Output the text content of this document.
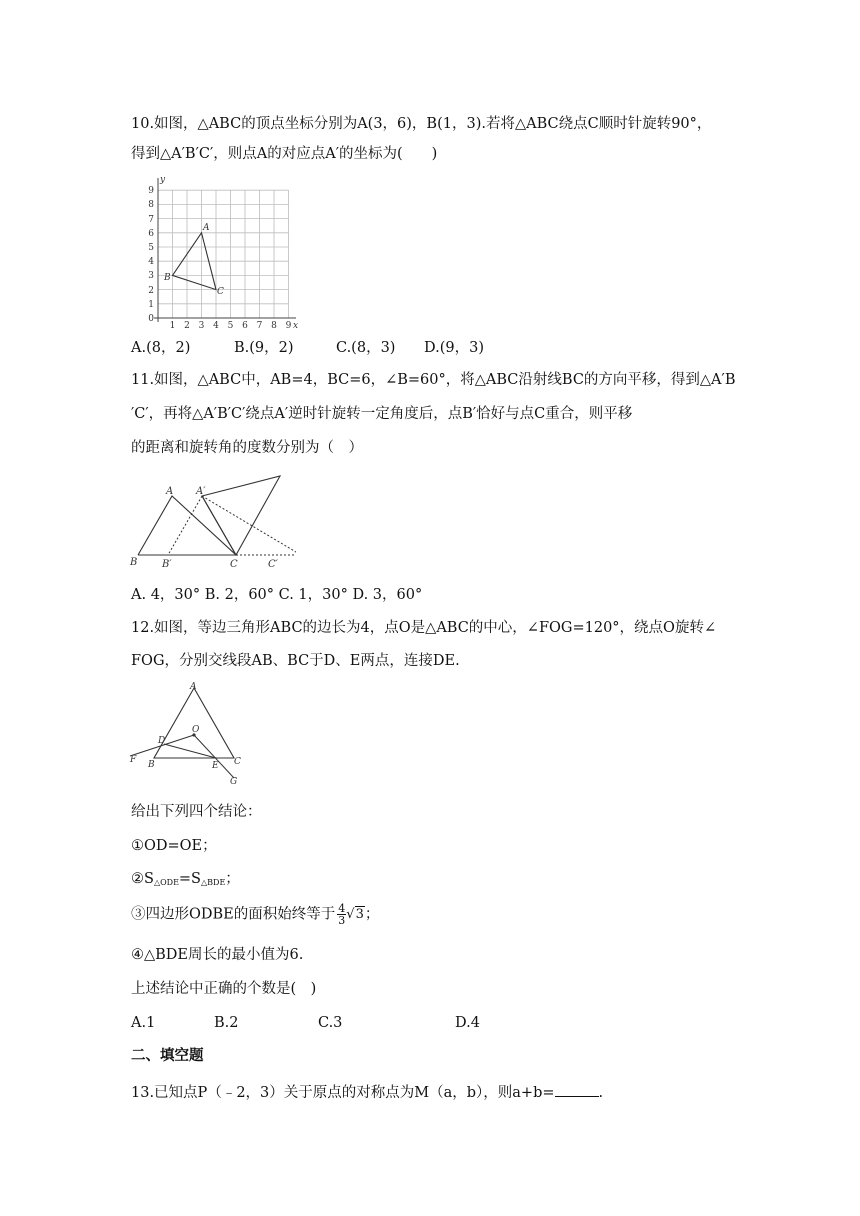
10.如图，△ABC的顶点坐标分别为A(3，6)，B(1，3).若将△ABC绕点C顺时针旋转90°，
得到△A′B′C′，则点A的对应点A′的坐标为(　　)
y
x
0
1
2
3
4
5
6
7
8
9
1 2 3 4 5 6 7 8 9
A
B
C
A.(8，2)	B.(9，2)	C.(8，3) D.(9，3)
11.如图，△ABC中，AB=4，BC=6，∠B=60°，将△ABC沿射线BC的方向平移，得到△A′B
′C′，再将△A′B′C′绕点A′逆时针旋转一定角度后，点B′恰好与点C重合，则平移
的距离和旋转角的度数分别为（　）
A A′
B B′	C	C′
A. 4，30° B. 2，60° C. 1，30° D. 3，60°
12.如图，等边三角形ABC的边长为4，点O是△ABC的中心，∠FOG=120°，绕点O旋转∠
FOG，分别交线段AB、BC于D、E两点，连接DE.
A
O
D
F B	E C
G
给出下列四个结论：
①OD=OE；
$②S_{\triangle ODE}=S_{\triangle BDE}$；
③四边形ODBE的面积始终等于 $\frac{4}{3} √3$；
④△BDE周长的最小值为6.
上述结论中正确的个数是(　)
A.1	B.2	C.3	D.4
二、填空题
13.已知点P（﹣2，3）关于原点的对称点为M（a，b），则a+b=	.
